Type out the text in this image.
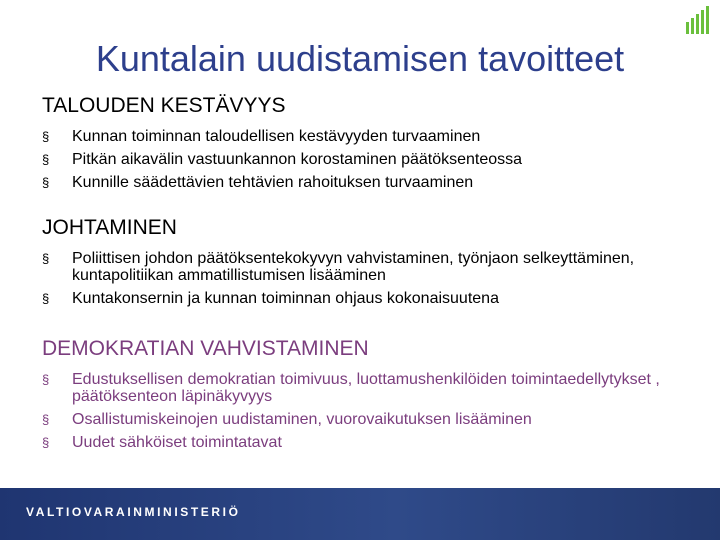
Kuntalain uudistamisen tavoitteet
TALOUDEN KESTÄVYYS
§ Kunnan toiminnan taloudellisen kestävyyden turvaaminen
§ Pitkän aikavälin vastuunkannon korostaminen päätöksenteossa
§ Kunnille säädettävien tehtävien rahoituksen turvaaminen
JOHTAMINEN
§ Poliittisen johdon päätöksentekokyvyn vahvistaminen, työnjaon selkeyttäminen, kuntapolitiikan ammatillistumisen lisääminen
§ Kuntakonsernin ja kunnan toiminnan ohjaus kokonaisuutena
DEMOKRATIAN VAHVISTAMINEN
§ Edustuksellisen demokratian toimivuus, luottamushenkilöiden toimintaedellytykset , päätöksenteon läpinäkyvyys
§ Osallistumiskeinojen uudistaminen, vuorovaikutuksen lisääminen
§ Uudet sähköiset toimintatavat
VALTIOVARAINMINISTERIÖ
